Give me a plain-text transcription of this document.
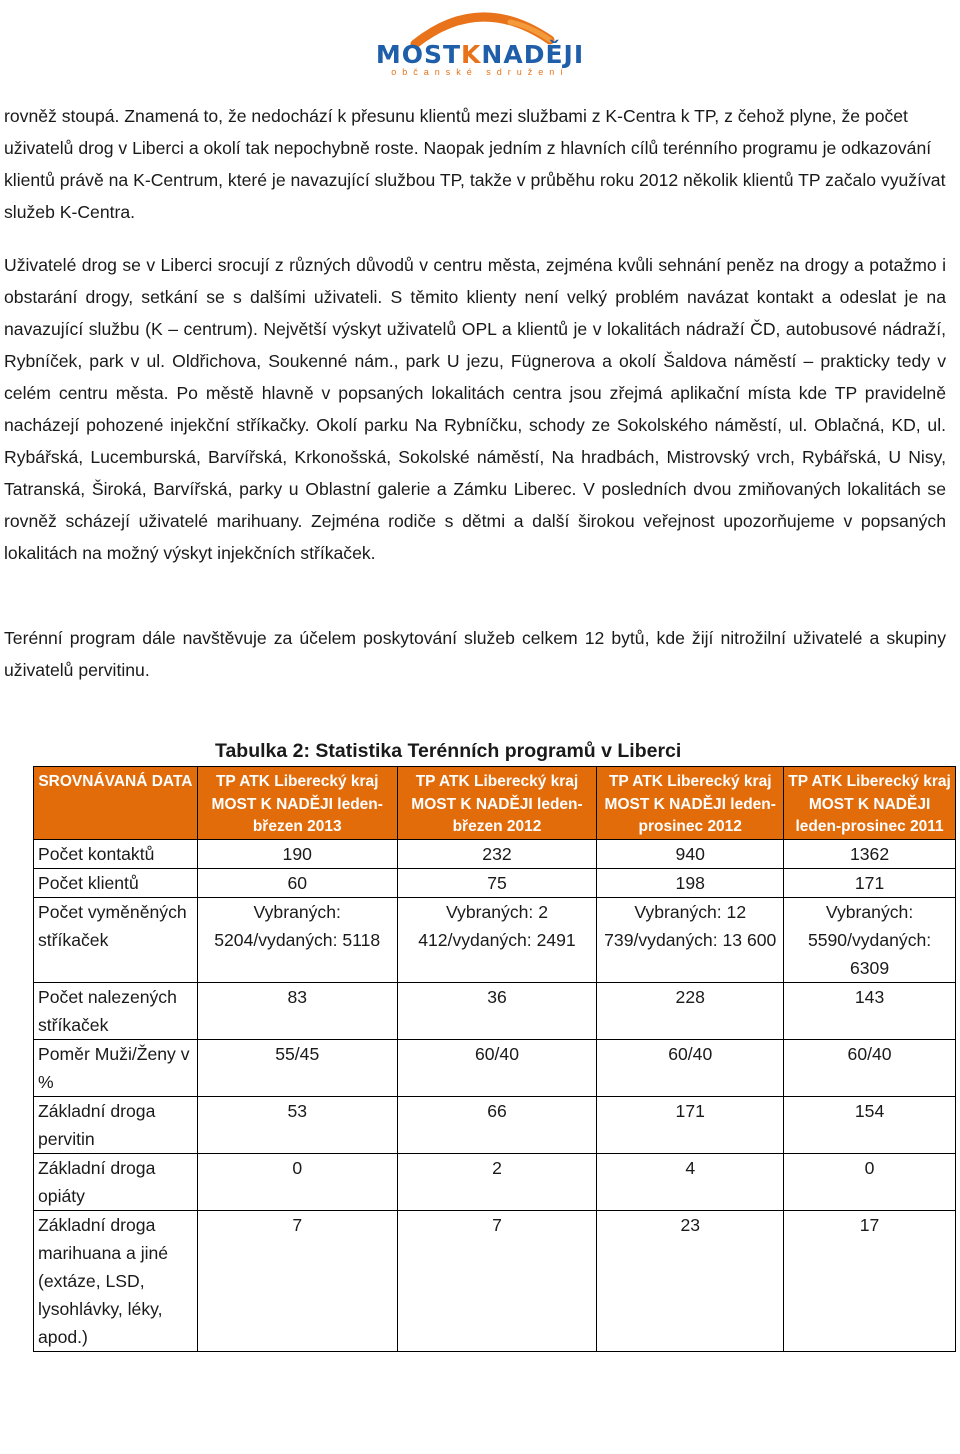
MOSTKNADĚJI
občanské sdružení
rovněž stoupá. Znamená to, že nedochází k přesunu klientů mezi službami z K-Centra k TP, z čehož plyne, že počet uživatelů drog v Liberci a okolí tak nepochybně roste. Naopak jedním z hlavních cílů terénního programu je odkazování klientů právě na K-Centrum, které je navazující službou TP, takže v průběhu roku 2012 několik klientů TP začalo využívat služeb K-Centra.
Uživatelé drog se v Liberci srocují z různých důvodů v centru města, zejména kvůli sehnání peněz na drogy a potažmo i obstarání drogy, setkání se s dalšími uživateli. S těmito klienty není velký problém navázat kontakt a odeslat je na navazující službu (K – centrum). Největší výskyt uživatelů OPL a klientů je v lokalitách nádraží ČD, autobusové nádraží, Rybníček, park v ul. Oldřichova, Soukenné nám., park U jezu, Fügnerova a okolí Šaldova náměstí – prakticky tedy v celém centru města. Po městě hlavně v popsaných lokalitách centra jsou zřejmá aplikační místa kde TP pravidelně nacházejí pohozené injekční stříkačky. Okolí parku Na Rybníčku, schody ze Sokolského náměstí, ul. Oblačná, KD, ul. Rybářská, Lucemburská, Barvířská, Krkonošská, Sokolské náměstí, Na hradbách, Mistrovský vrch, Rybářská, U Nisy, Tatranská, Široká, Barvířská, parky u Oblastní galerie a Zámku Liberec. V posledních dvou zmiňovaných lokalitách se rovněž scházejí uživatelé marihuany. Zejména rodiče s dětmi a další širokou veřejnost upozorňujeme v popsaných lokalitách na možný výskyt injekčních stříkaček.
Terénní program dále navštěvuje za účelem poskytování služeb celkem 12 bytů, kde žijí nitrožilní uživatelé a skupiny uživatelů pervitinu.
Tabulka 2: Statistika Terénních programů v Liberci
SROVNÁVANÁ DATA	TP ATK Liberecký kraj MOST K NADĚJI leden-březen 2013	TP ATK Liberecký kraj MOST K NADĚJI leden-březen 2012	TP ATK Liberecký kraj MOST K NADĚJI leden-prosinec 2012	TP ATK Liberecký kraj MOST K NADĚJI leden-prosinec 2011
Počet kontaktů	190	232	940	1362
Počet klientů	60	75	198	171
Počet vyměněných stříkaček	Vybraných: 5204/vydaných: 5118	Vybraných: 2 412/vydaných: 2491	Vybraných: 12 739/vydaných: 13 600	Vybraných: 5590/vydaných: 6309
Počet nalezených stříkaček	83	36	228	143
Poměr Muži/Ženy v %	55/45	60/40	60/40	60/40
Základní droga pervitin	53	66	171	154
Základní droga opiáty	0	2	4	0
Základní droga marihuana a jiné (extáze, LSD, lysohlávky, léky, apod.)	7	7	23	17
